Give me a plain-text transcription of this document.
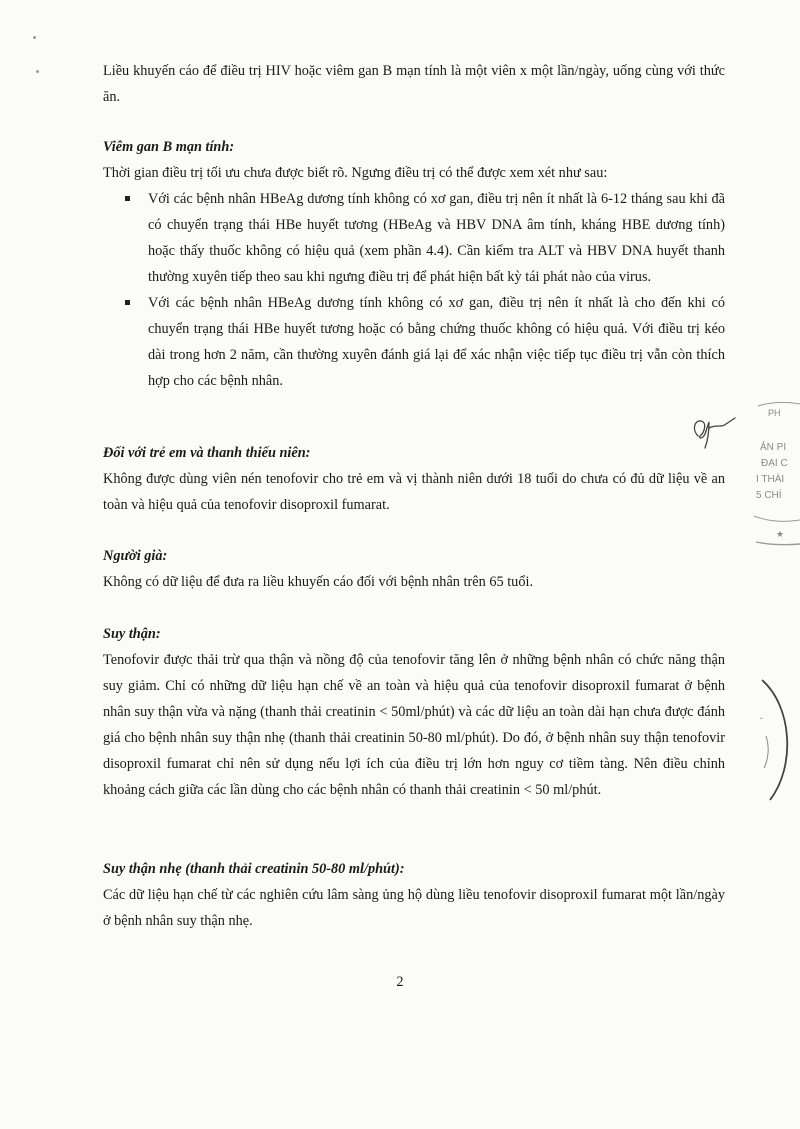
Liều khuyến cáo để điều trị HIV hoặc viêm gan B mạn tính là một viên x một lần/ngày, uống cùng với thức ăn.

Viêm gan B mạn tính:

Thời gian điều trị tối ưu chưa được biết rõ. Ngưng điều trị có thể được xem xét như sau:

Với các bệnh nhân HBeAg dương tính không có xơ gan, điều trị nên ít nhất là 6-12 tháng sau khi đã có chuyển trạng thái HBe huyết tương (HBeAg và HBV DNA âm tính, kháng HBE dương tính) hoặc thấy thuốc không có hiệu quả (xem phần 4.4). Cần kiểm tra ALT và HBV DNA huyết thanh thường xuyên tiếp theo sau khi ngưng điều trị để phát hiện bất kỳ tái phát nào của virus.
Với các bệnh nhân HBeAg dương tính không có xơ gan, điều trị nên ít nhất là cho đến khi có chuyển trạng thái HBe huyết tương hoặc có bằng chứng thuốc không có hiệu quả. Với điều trị kéo dài trong hơn 2 năm, cần thường xuyên đánh giá lại để xác nhận việc tiếp tục điều trị vẫn còn thích hợp cho các bệnh nhân.

Đối với trẻ em và thanh thiếu niên:

Không được dùng viên nén tenofovir cho trẻ em và vị thành niên dưới 18 tuổi do chưa có đủ dữ liệu về an toàn và hiệu quả của tenofovir disoproxil fumarat.

Người già:

Không có dữ liệu để đưa ra liều khuyến cáo đối với bệnh nhân trên 65 tuổi.

Suy thận:

Tenofovir được thải trừ qua thận và nồng độ của tenofovir tăng lên ở những bệnh nhân có chức năng thận suy giảm. Chỉ có những dữ liệu hạn chế về an toàn và hiệu quả của tenofovir disoproxil fumarat ở bệnh nhân suy thận vừa và nặng (thanh thải creatinin < 50ml/phút) và các dữ liệu an toàn dài hạn chưa được đánh giá cho bệnh nhân suy thận nhẹ (thanh thải creatinin 50-80 ml/phút). Do đó, ở bệnh nhân suy thận tenofovir disoproxil fumarat chỉ nên sử dụng nếu lợi ích của điều trị lớn hơn nguy cơ tiềm tàng. Nên điều chỉnh khoảng cách giữa các lần dùng cho các bệnh nhân có thanh thải creatinin < 50 ml/phút.

Suy thận nhẹ (thanh thải creatinin 50-80 ml/phút):

Các dữ liệu hạn chế từ các nghiên cứu lâm sàng ủng hộ dùng liều tenofovir disoproxil fumarat một lần/ngày ở bệnh nhân suy thận nhẹ.

2
PH
ẢN PI
ĐẠI C
I THÀI
5 CHÍ
★
ˆ
